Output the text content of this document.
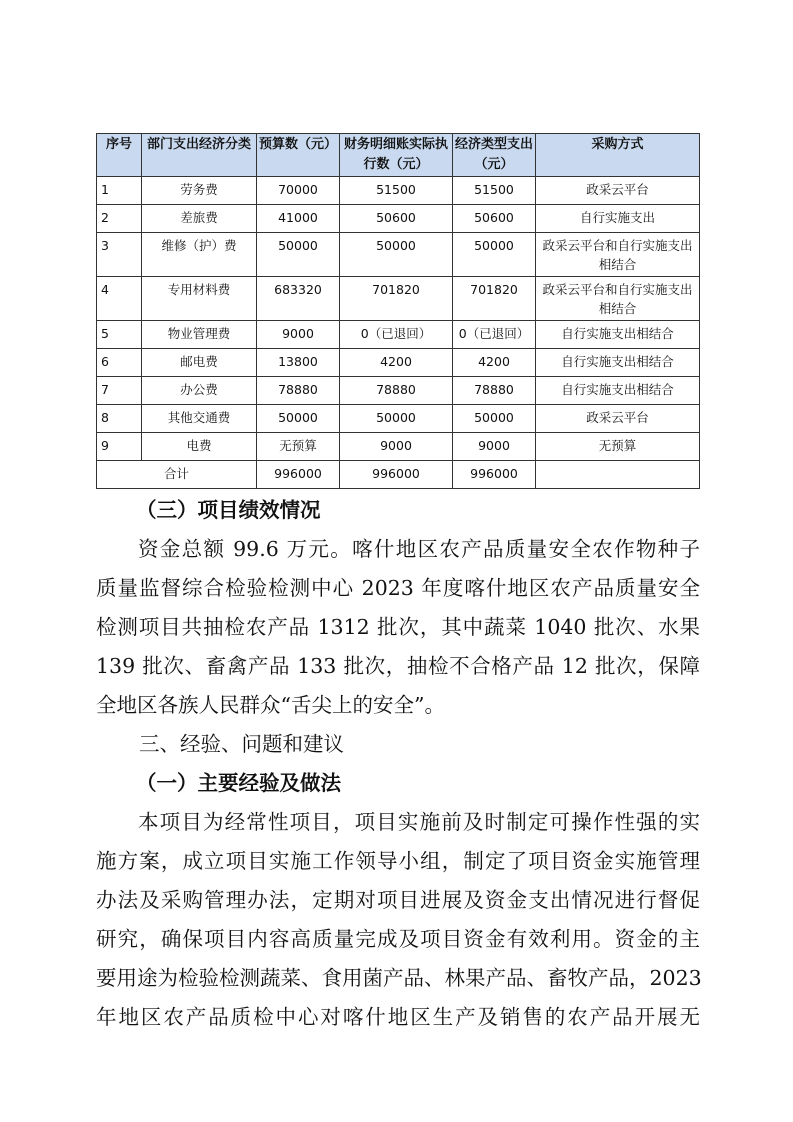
序号	部门支出经济分类	预算数（元）	财务明细账实际执行数（元）	经济类型支出（元）	采购方式
1	劳务费	70000	51500	51500	政采云平台
2	差旅费	41000	50600	50600	自行实施支出
3	维修（护）费	50000	50000	50000	政采云平台和自行实施支出相结合
4	专用材料费	683320	701820	701820	政采云平台和自行实施支出相结合
5	物业管理费	9000	0（已退回）	0（已退回）	自行实施支出相结合
6	邮电费	13800	4200	4200	自行实施支出相结合
7	办公费	78880	78880	78880	自行实施支出相结合
8	其他交通费	50000	50000	50000	政采云平台
9	电费	无预算	9000	9000	无预算
合计		996000	996000	996000	
（三）项目绩效情况
资金总额 99.6 万元。喀什地区农产品质量安全农作物种子
质量监督综合检验检测中心 2023 年度喀什地区农产品质量安全
检测项目共抽检农产品 1312 批次，其中蔬菜 1040 批次、水果
139 批次、畜禽产品 133 批次，抽检不合格产品 12 批次，保障
全地区各族人民群众“舌尖上的安全”。
三、经验、问题和建议
（一）主要经验及做法
本项目为经常性项目，项目实施前及时制定可操作性强的实
施方案，成立项目实施工作领导小组，制定了项目资金实施管理
办法及采购管理办法，定期对项目进展及资金支出情况进行督促
研究，确保项目内容高质量完成及项目资金有效利用。资金的主
要用途为检验检测蔬菜、食用菌产品、林果产品、畜牧产品，2023
年地区农产品质检中心对喀什地区生产及销售的农产品开展无
